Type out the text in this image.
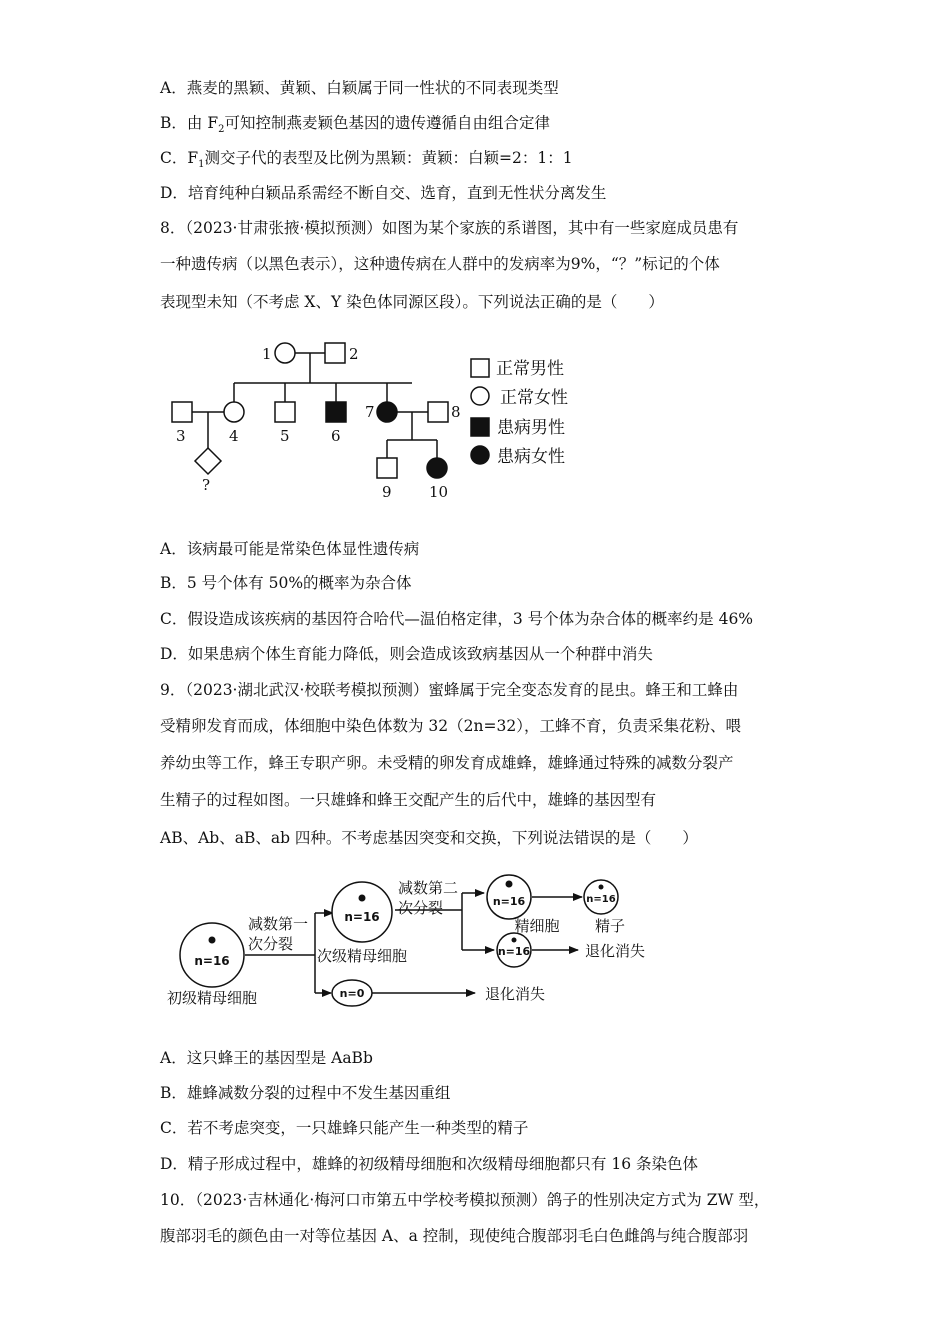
A．燕麦的黑颖、黄颖、白颖属于同一性状的不同表现类型
B．由 $F_2$可知控制燕麦颖色基因的遗传遵循自由组合定律
C．$F_1$测交子代的表型及比例为黑颖：黄颖：白颖=2：1：1
D．培育纯种白颖品系需经不断自交、选育，直到无性状分离发生
8．（2023·甘肃张掖·模拟预测）如图为某个家族的系谱图，其中有一些家庭成员患有
一种遗传病（以黑色表示），这种遗传病在人群中的发病率为9%，“？”标记的个体
表现型未知（不考虑 X、Y 染色体同源区段）。下列说法正确的是（　　）
1	2
3	4	5	6
7	8
?	9 10
正常男性
正常女性
患病男性
患病女性
A．该病最可能是常染色体显性遗传病
B．5 号个体有 50%的概率为杂合体
C．假设造成该疾病的基因符合哈代—温伯格定律，3 号个体为杂合体的概率约是 46%
D．如果患病个体生育能力降低，则会造成该致病基因从一个种群中消失
9．（2023·湖北武汉·校联考模拟预测）蜜蜂属于完全变态发育的昆虫。蜂王和工蜂由
受精卵发育而成，体细胞中染色体数为 32（2n=32），工蜂不育，负责采集花粉、喂
养幼虫等工作，蜂王专职产卵。未受精的卵发育成雄蜂，雄蜂通过特殊的减数分裂产
生精子的过程如图。一只雄蜂和蜂王交配产生的后代中，雄蜂的基因型有
AB、Ab、aB、ab 四种。不考虑基因突变和交换，下列说法错误的是（　　）
n=16
n=16
n=0
n=16
n=16
n=16
初级精母细胞
减数第一
次分裂
次级精母细胞
退化消失
减数第二
次分裂
精细胞 精子
退化消失
A．这只蜂王的基因型是 AaBb
B．雄蜂减数分裂的过程中不发生基因重组
C．若不考虑突变，一只雄蜂只能产生一种类型的精子
D．精子形成过程中，雄蜂的初级精母细胞和次级精母细胞都只有 16 条染色体
10．（2023·吉林通化·梅河口市第五中学校考模拟预测）鸽子的性别决定方式为 ZW 型，
腹部羽毛的颜色由一对等位基因 A、a 控制，现使纯合腹部羽毛白色雌鸽与纯合腹部羽
